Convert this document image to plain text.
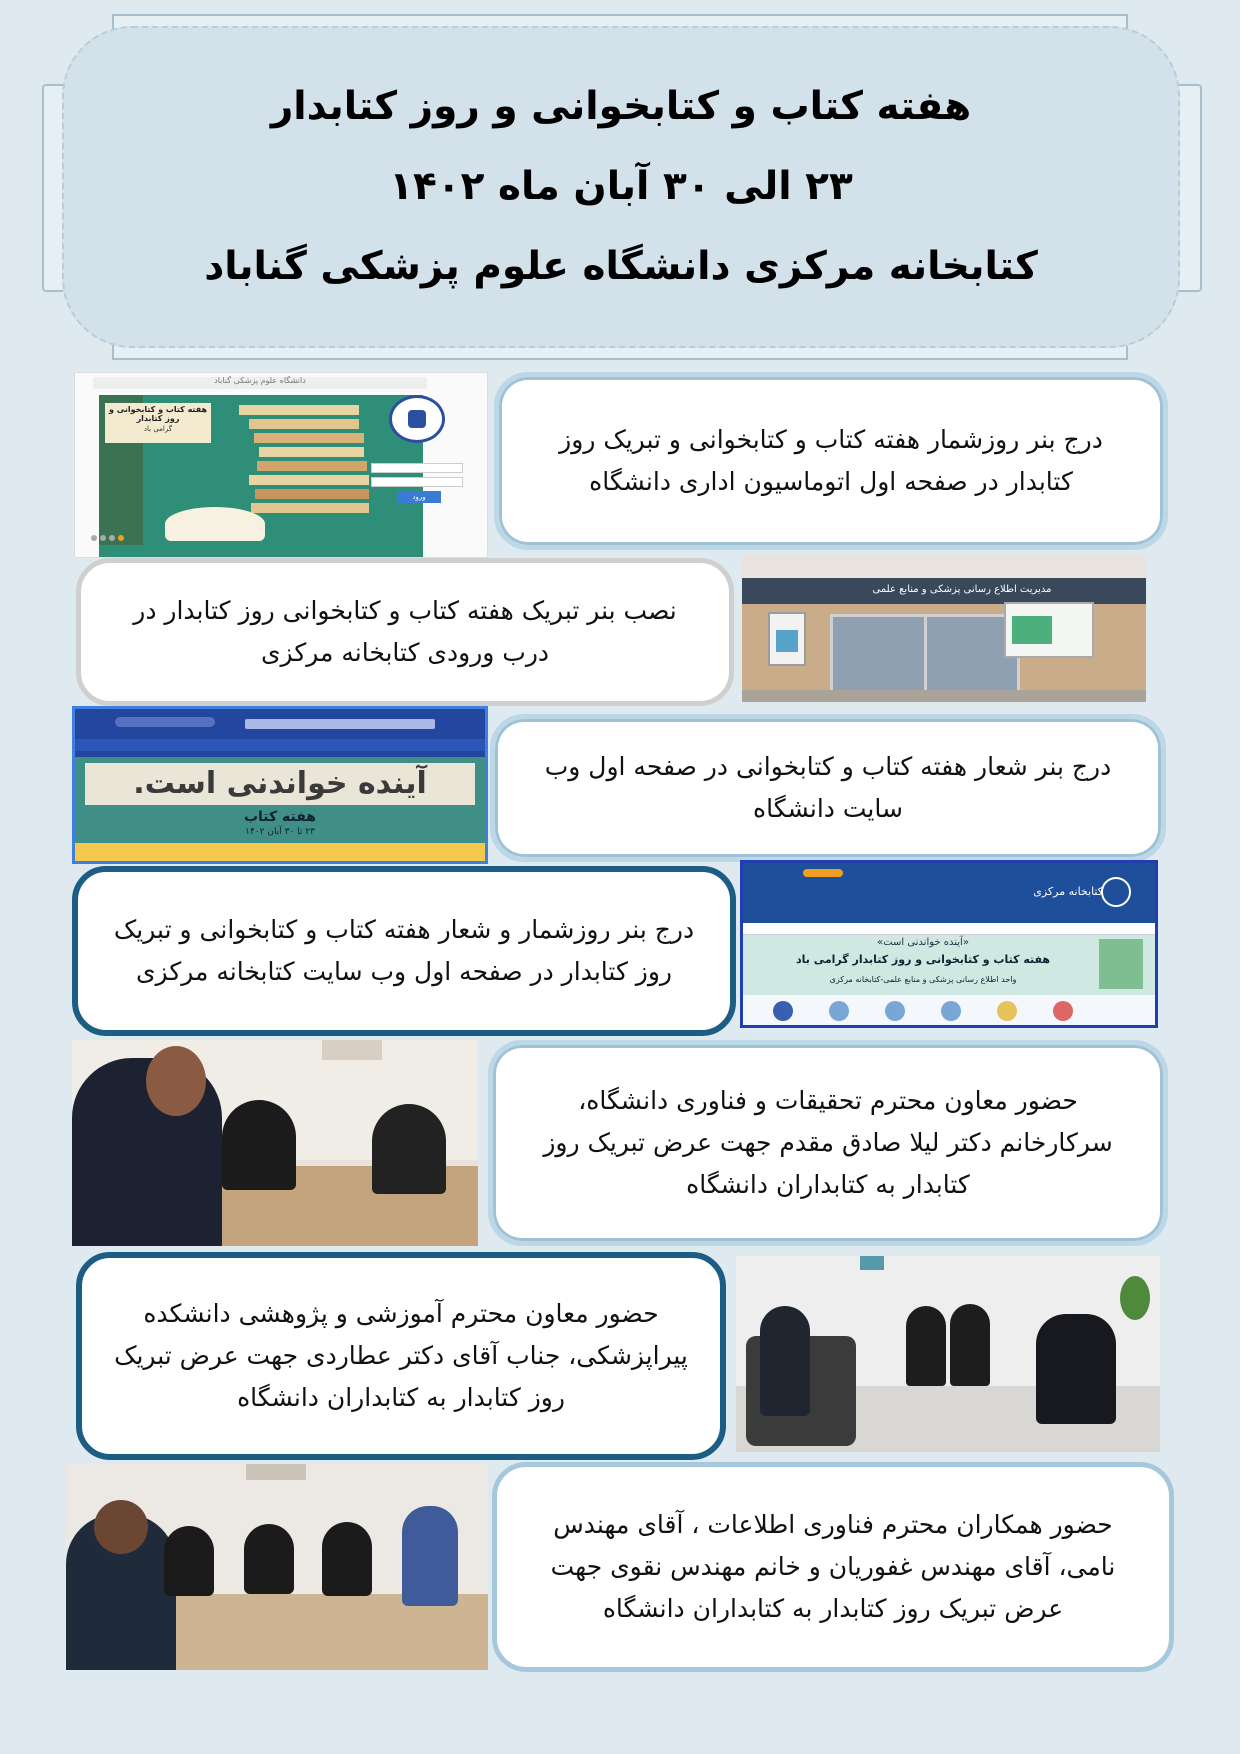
هفته کتاب و کتابخوانی و روز کتابدار
۲۳ الی ۳۰ آبان ماه ۱۴۰۲
کتابخانه مرکزی دانشگاه علوم پزشکی گناباد
دانشگاه علوم پزشکی گناباد
هفته کتاب و کتابخوانی و روز کتابدار
گرامی باد
ورود
درج بنر روزشمار هفته کتاب و کتابخوانی و تبریک روز کتابدار در صفحه اول اتوماسیون اداری دانشگاه
نصب بنر تبریک هفته کتاب و کتابخوانی روز کتابدار در درب ورودی کتابخانه مرکزی
مدیریت اطلاع رسانی پزشکی و منابع علمی
آینده خواندنی است.
هفته کتاب
۲۳ تا ۳۰ آبان ۱۴۰۲
درج بنر شعار هفته کتاب و کتابخوانی در صفحه اول وب سایت دانشگاه
درج بنر روزشمار و شعار هفته کتاب و کتابخوانی و تبریک روز کتابدار در صفحه اول وب سایت کتابخانه مرکزی
کتابخانه مرکزی
«آینده خواندنی است»
هفته کتاب و کتابخوانی و روز کتابدار گرامی باد
واحد اطلاع رسانی پزشکی و منابع علمی-کتابخانه مرکزی
حضور معاون محترم تحقیقات و فناوری دانشگاه، سرکارخانم دکتر لیلا صادق مقدم جهت عرض تبریک روز کتابدار به کتابداران دانشگاه
حضور معاون محترم آموزشی و پژوهشی دانشکده پیراپزشکی، جناب آقای دکتر عطاردی جهت عرض تبریک روز کتابدار به کتابداران دانشگاه
حضور همکاران محترم فناوری اطلاعات ، آقای مهندس نامی، آقای مهندس غفوریان و خانم مهندس نقوی جهت عرض تبریک روز کتابدار به کتابداران دانشگاه
